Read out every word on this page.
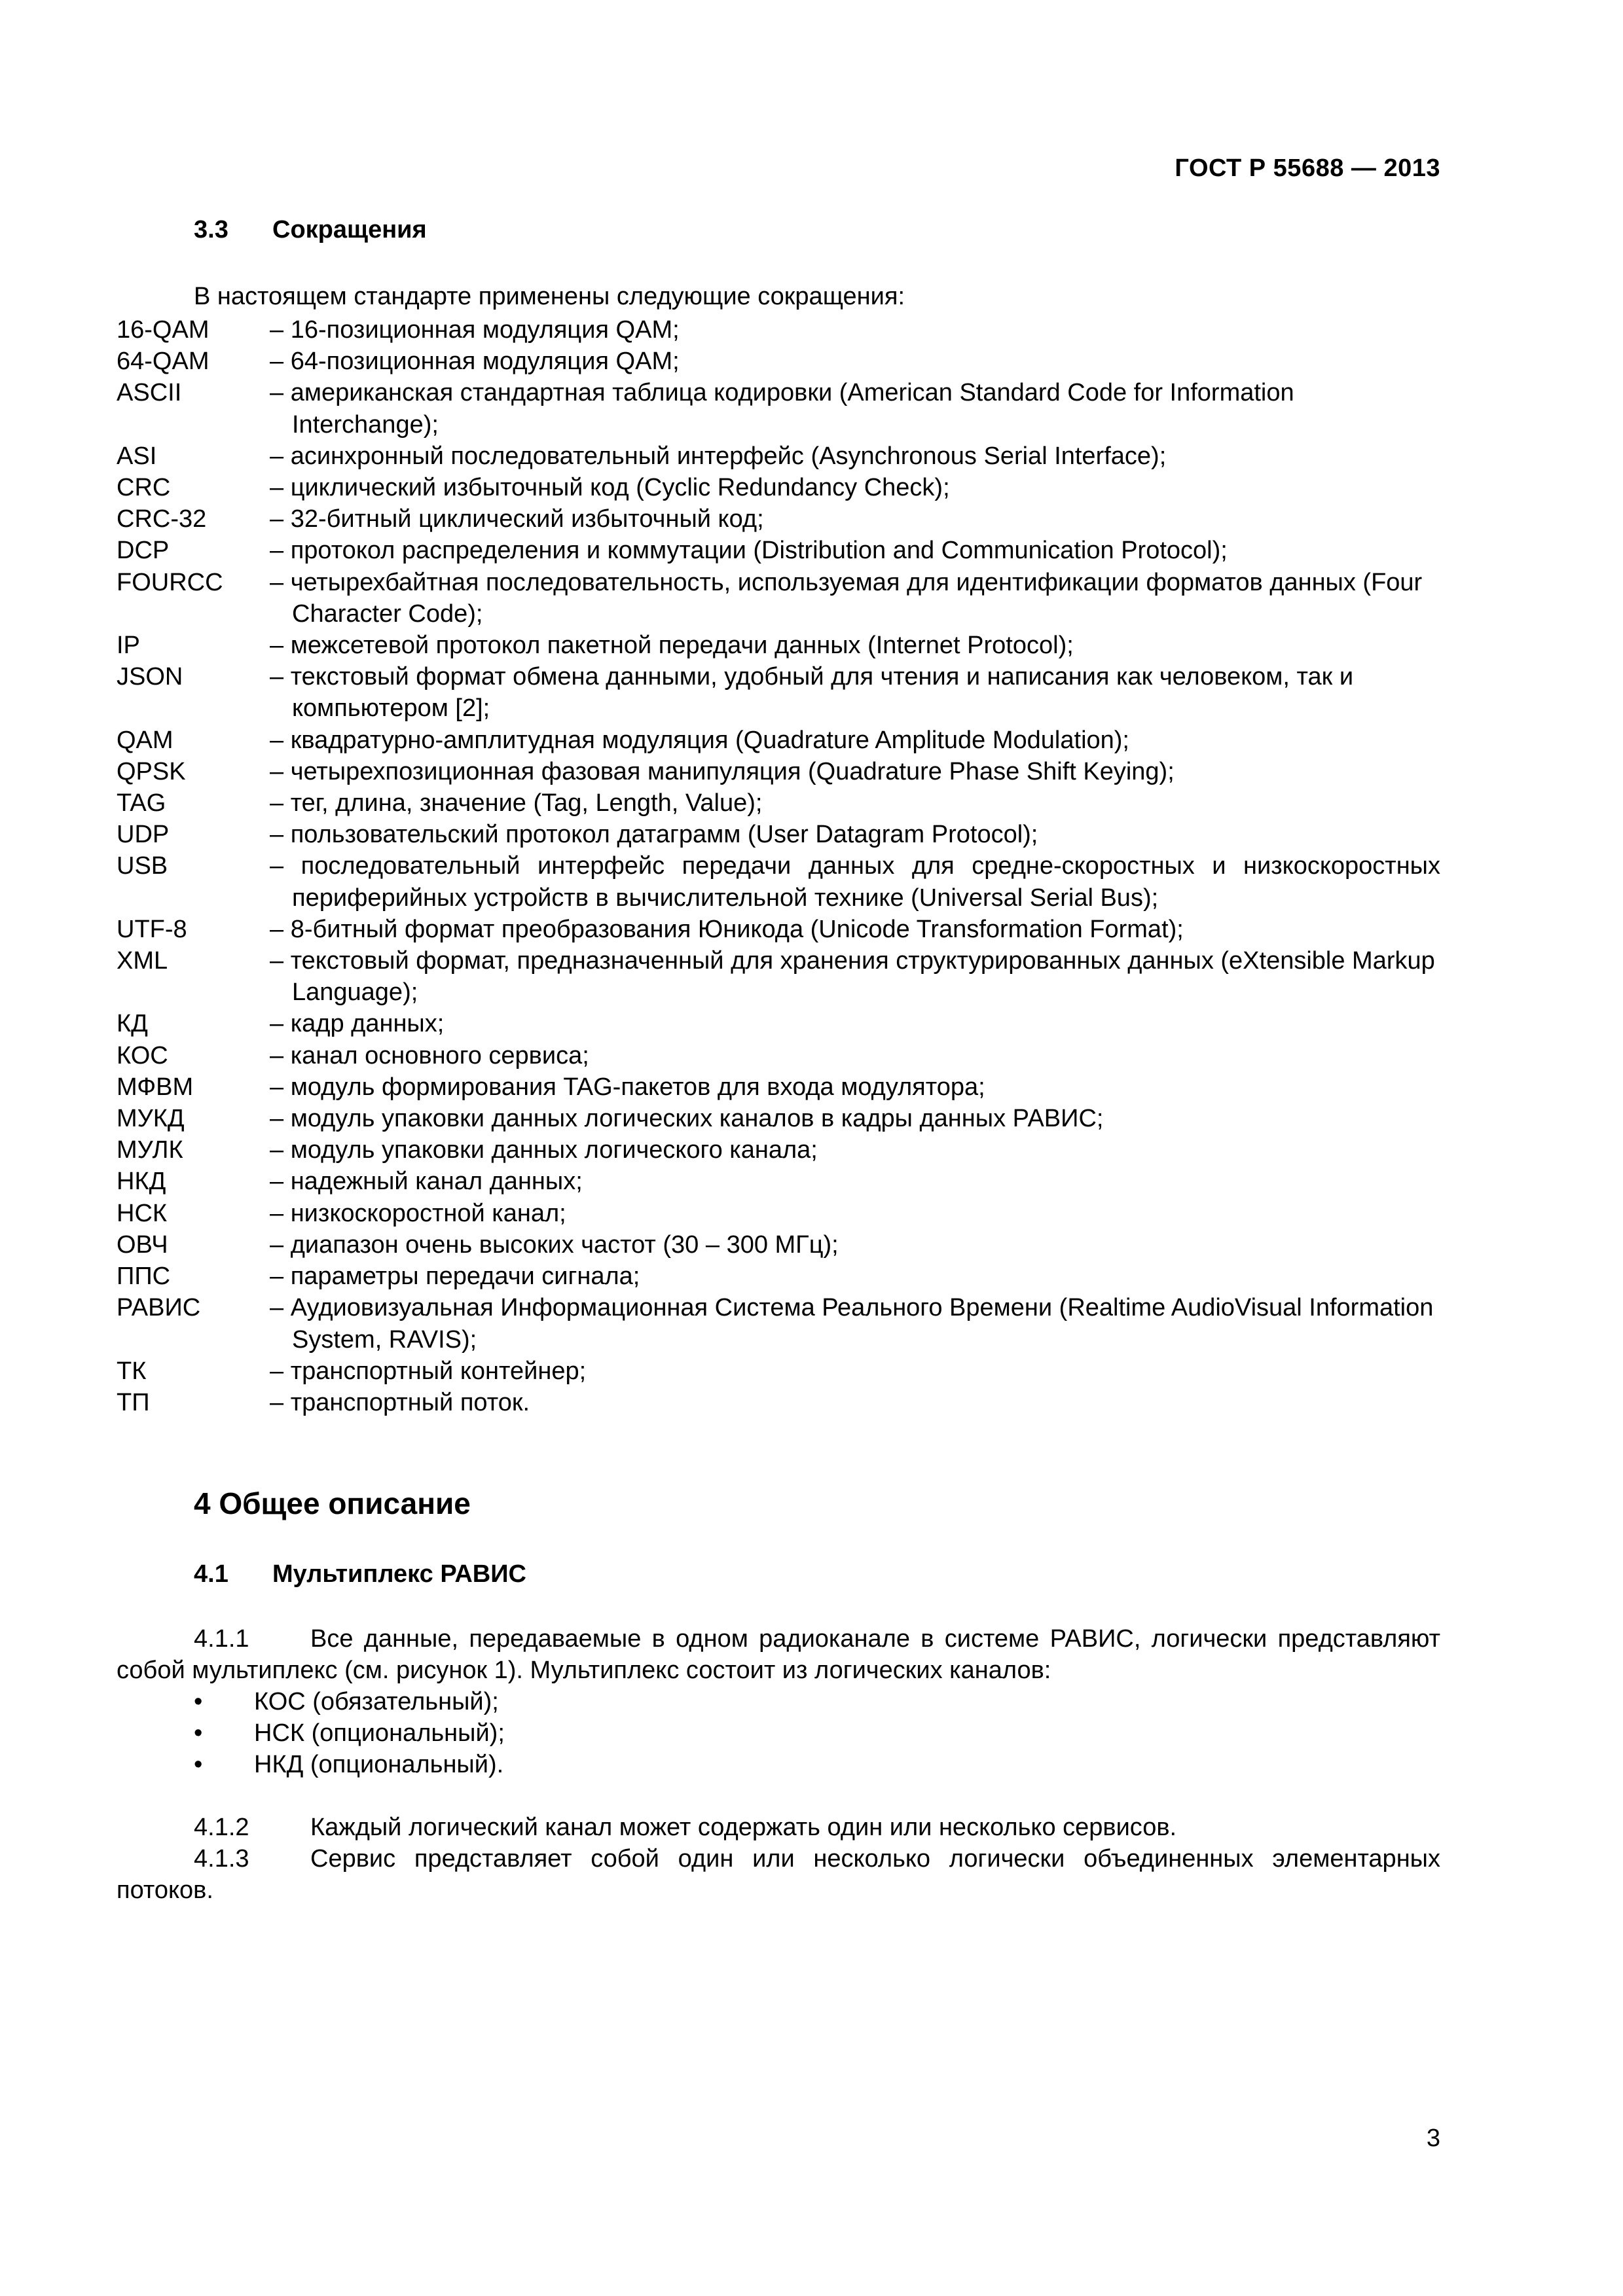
ГОСТ Р 55688 — 2013
3.3 Сокращения
В настоящем стандарте применены следующие сокращения:
16-QAM	– 16-позиционная модуляция QAM;
64-QAM	– 64-позиционная модуляция QAM;
ASCII	– американская стандартная таблица кодировки (American Standard Code for Information Interchange);
ASI	– асинхронный последовательный интерфейс (Asynchronous Serial Interface);
CRC	– циклический избыточный код (Cyclic Redundancy Check);
CRC-32	– 32-битный циклический избыточный код;
DCP	– протокол распределения и коммутации (Distribution and Communication Protocol);
FOURCC	– четырехбайтная последовательность, используемая для идентификации форматов данных (Four Character Code);
IP	– межсетевой протокол пакетной передачи данных (Internet Protocol);
JSON	– текстовый формат обмена данными, удобный для чтения и написания как человеком, так и компьютером [2];
QAM	– квадратурно-амплитудная модуляция (Quadrature Amplitude Modulation);
QPSK	– четырехпозиционная фазовая манипуляция (Quadrature Phase Shift Keying);
TAG	– тег, длина, значение (Tag, Length, Value);
UDP	– пользовательский протокол датаграмм (User Datagram Protocol);
USB	– последовательный интерфейс передачи данных для средне-скоростных и низкоскоростных периферийных устройств в вычислительной технике (Universal Serial Bus);
UTF-8	– 8-битный формат преобразования Юникода (Unicode Transformation Format);
XML	– текстовый формат, предназначенный для хранения структурированных данных (eXtensible Markup Language);
КД	– кадр данных;
КОС	– канал основного сервиса;
МФВМ	– модуль формирования TAG-пакетов для входа модулятора;
МУКД	– модуль упаковки данных логических каналов в кадры данных РАВИС;
МУЛК	– модуль упаковки данных логического канала;
НКД	– надежный канал данных;
НСК	– низкоскоростной канал;
ОВЧ	– диапазон очень высоких частот (30 – 300 МГц);
ППС	– параметры передачи сигнала;
РАВИС	– Аудиовизуальная Информационная Система Реального Времени (Realtime AudioVisual Information System, RAVIS);
ТК	– транспортный контейнер;
ТП	– транспортный поток.
4 Общее описание
4.1 Мультиплекс РАВИС
4.1.1 Все данные, передаваемые в одном радиоканале в системе РАВИС, логически представляют собой мультиплекс (см. рисунок 1). Мультиплекс состоит из логических каналов:
•	КОС (обязательный);
•	НСК (опциональный);
•	НКД (опциональный).
4.1.2 Каждый логический канал может содержать один или несколько сервисов.
4.1.3 Сервис представляет собой один или несколько логически объединенных элементарных потоков.
3
